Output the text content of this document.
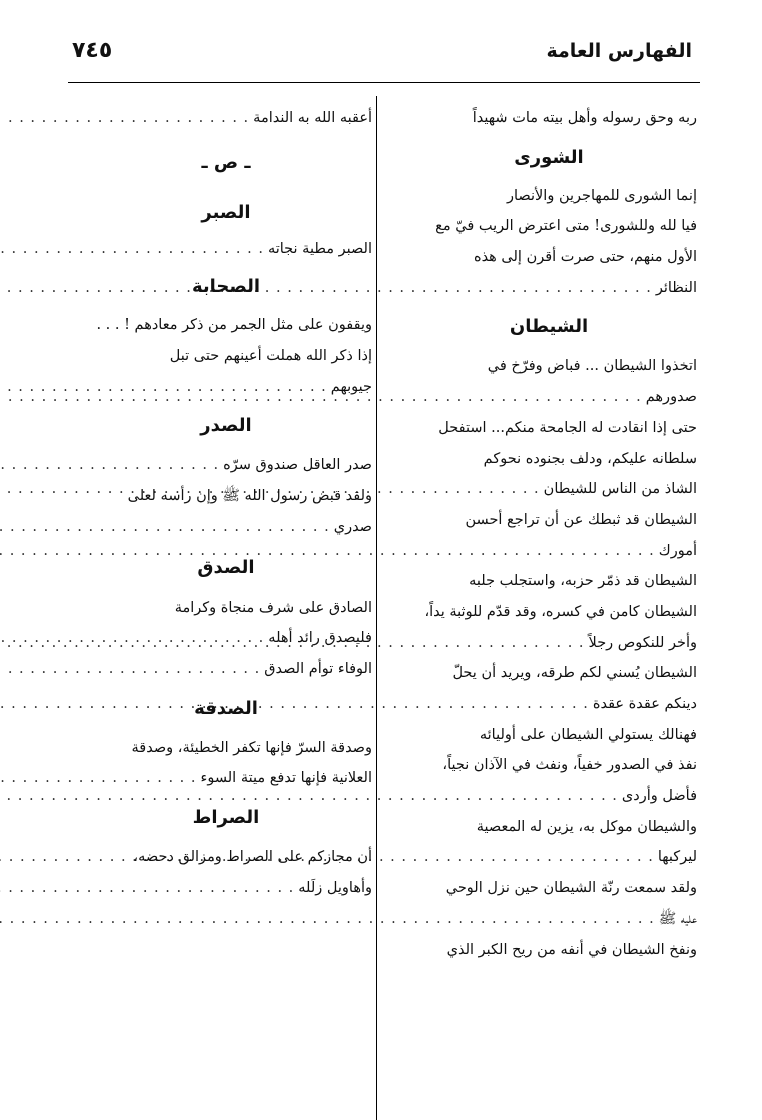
الفهارس العامة
٧٤٥
ربه وحق رسوله وأهل بيته مات شهيداً
الشورى
إنما الشورى للمهاجرين والأنصار
فيا لله وللشورى! متى اعترض الريب فيّ مع
الأول منهم، حتى صرت أقرن إلى هذه
النظائر
. . .
الشيطان
اتخذوا الشيطان ... فباض وفرّخ في
صدورهم
. . .
حتى إذا انقادت له الجامحة منكم... استفحل
سلطانه عليكم، ودلف بجنوده نحوكم
الشاذ من الناس للشيطان
. . .
الشيطان قد ثبطك عن أن تراجع أحسن
أمورك
. . .
الشيطان قد ذمّر حزبه، واستجلب جلبه
الشيطان كامن في كسره، وقد قدّم للوثبة يداً،
وأخر للنكوص رجلاً
. . .
الشيطان يُسني لكم طرقه، ويريد أن يحلّ
دينكم عقدة عقدة
. . .
فهنالك يستولي الشيطان على أوليائه
نفذ في الصدور خفياً، ونفث في الآذان نجياً،
فأضل وأردى
. . .
والشيطان موكل به، يزين له المعصية
ليركبها
. . .
ولقد سمعت رنّة الشيطان حين نزل الوحي
عليه ﷺ
. . .
ونفخ الشيطان في أنفه من ريح الكبر الذي
أعقبه الله به الندامة
. . .
ـ ص ـ
الصبر
الصبر مطية نجاته
. . .
الصحابة
ويقفون على مثل الجمر من ذكر معادهم ! . . .
إذا ذكر الله هملت أعينهم حتى تبل
جيوبهم
. . .
الصدر
صدر العاقل صندوق سرّه
. . .
ولقد قبض رسول الله ﷺ وإن رأسه لعلى
صدري
. . .
الصدق
الصادق على شرف منجاة وكرامة
فليصدق رائد أهله
. . .
الوفاء توأم الصدق
. . .
الصدقة
وصدقة السرّ فإنها تكفر الخطيئة، وصدقة
العلانية فإنها تدفع ميتة السوء
. . .
الصراط
أن مجازكم على الصراط ومزالق دحضه،
وأهاويل زلَله
. . .
